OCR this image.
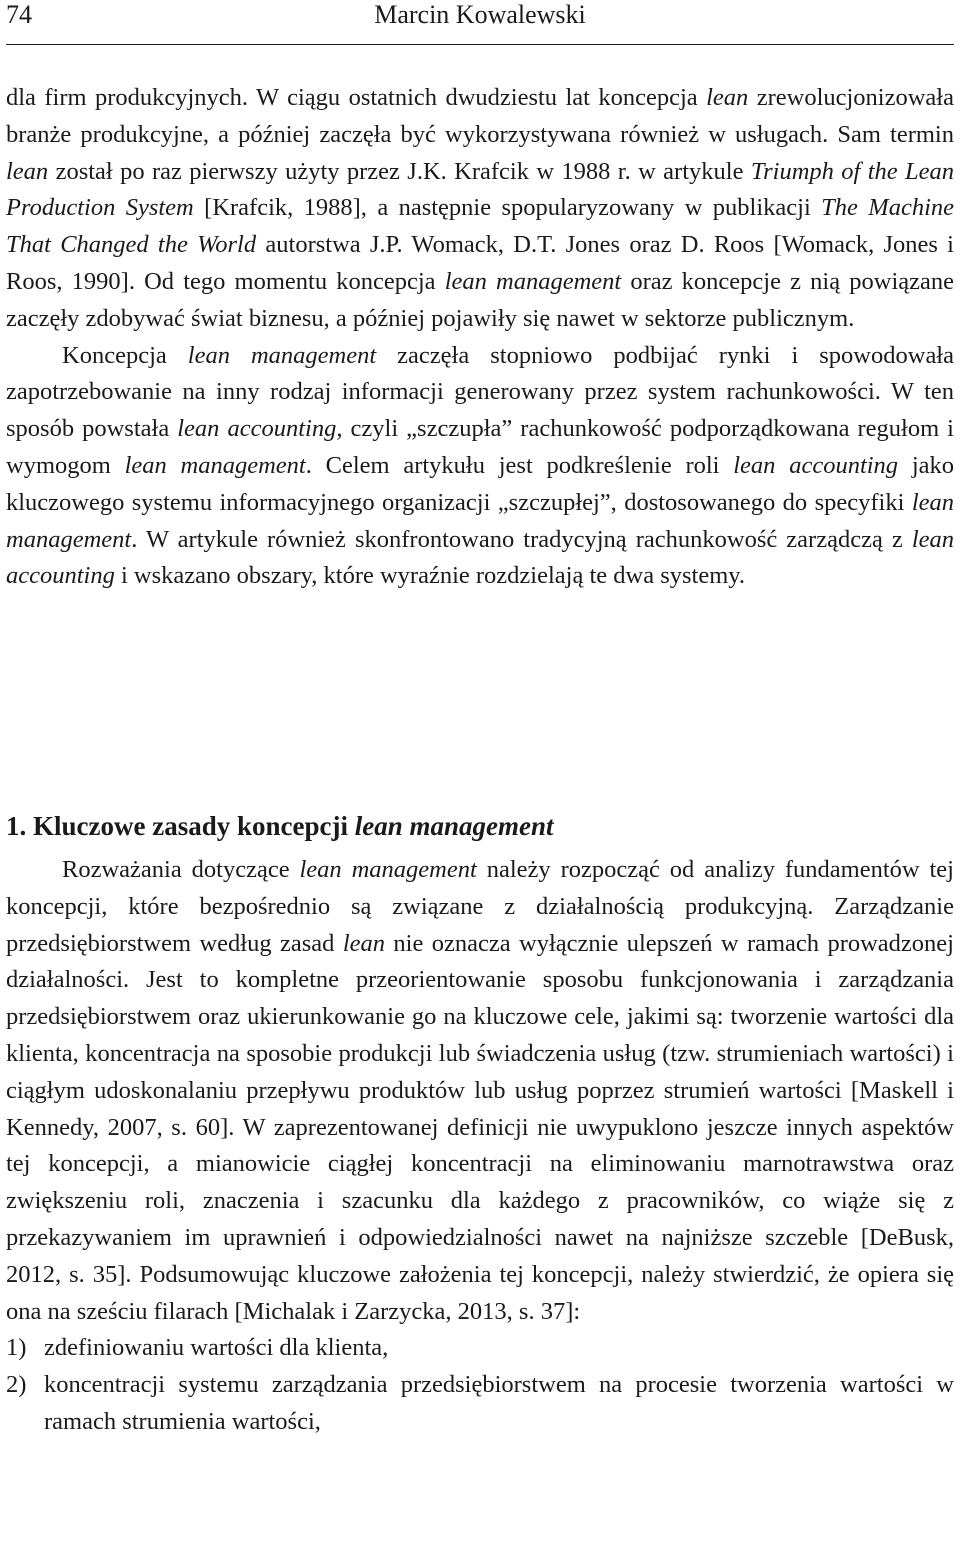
74	Marcin Kowalewski

dla firm produkcyjnych. W ciągu ostatnich dwudziestu lat koncepcja lean zrewolucjonizowała branże produkcyjne, a później zaczęła być wykorzystywana również w usługach. Sam termin lean został po raz pierwszy użyty przez J.K. Krafcik w 1988 r. w artykule Triumph of the Lean Production System [Krafcik, 1988], a następnie spopularyzowany w publikacji The Machine That Changed the World autorstwa J.P. Womack, D.T. Jones oraz D. Roos [Womack, Jones i Roos, 1990]. Od tego momentu koncepcja lean management oraz koncepcje z nią powiązane zaczęły zdobywać świat biznesu, a później pojawiły się nawet w sektorze publicznym.

Koncepcja lean management zaczęła stopniowo podbijać rynki i spowodowała zapotrzebowanie na inny rodzaj informacji generowany przez system rachunkowości. W ten sposób powstała lean accounting, czyli „szczupła” rachunkowość podporządkowana regułom i wymogom lean management. Celem artykułu jest podkreślenie roli lean accounting jako kluczowego systemu informacyjnego organizacji „szczupłej”, dostosowanego do specyfiki lean management. W artykule również skonfrontowano tradycyjną rachunkowość zarządczą z lean accounting i wskazano obszary, które wyraźnie rozdzielają te dwa systemy.

1. Kluczowe zasady koncepcji lean management

Rozważania dotyczące lean management należy rozpocząć od analizy fundamentów tej koncepcji, które bezpośrednio są związane z działalnością produkcyjną. Zarządzanie przedsiębiorstwem według zasad lean nie oznacza wyłącznie ulepszeń w ramach prowadzonej działalności. Jest to kompletne przeorientowanie sposobu funkcjonowania i zarządzania przedsiębiorstwem oraz ukierunkowanie go na kluczowe cele, jakimi są: tworzenie wartości dla klienta, koncentracja na sposobie produkcji lub świadczenia usług (tzw. strumieniach wartości) i ciągłym udoskonalaniu przepływu produktów lub usług poprzez strumień wartości [Maskell i Kennedy, 2007, s. 60]. W zaprezentowanej definicji nie uwypuklono jeszcze innych aspektów tej koncepcji, a mianowicie ciągłej koncentracji na eliminowaniu marnotrawstwa oraz zwiększeniu roli, znaczenia i szacunku dla każdego z pracowników, co wiąże się z przekazywaniem im uprawnień i odpowiedzialności nawet na najniższe szczeble [DeBusk, 2012, s. 35]. Podsumowując kluczowe założenia tej koncepcji, należy stwierdzić, że opiera się ona na sześciu filarach [Michalak i Zarzycka, 2013, s. 37]:

1) zdefiniowaniu wartości dla klienta,
2) koncentracji systemu zarządzania przedsiębiorstwem na procesie tworzenia wartości w ramach strumienia wartości,
